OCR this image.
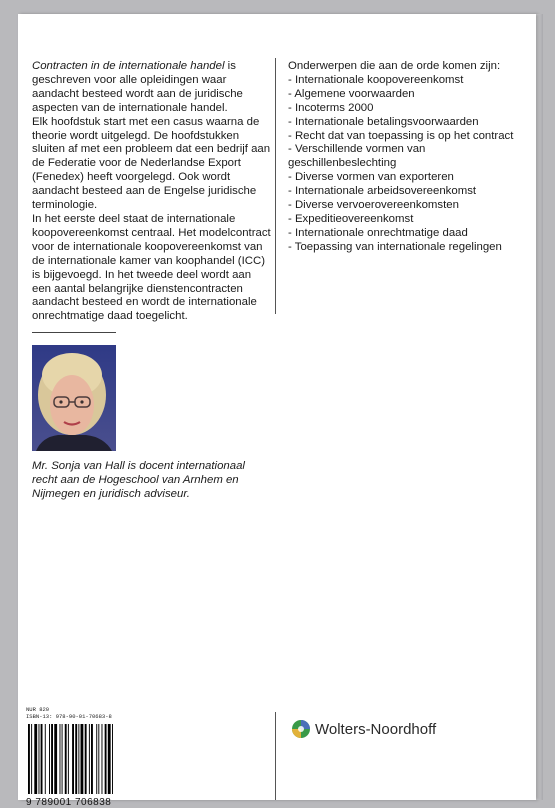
Contracten in de internationale handel is geschreven voor alle opleidingen waar aandacht besteed wordt aan de juridische aspecten van de internationale handel.

Elk hoofdstuk start met een casus waarna de theorie wordt uitgelegd. De hoofdstukken sluiten af met een probleem dat een bedrijf aan de Federatie voor de Nederlandse Export (Fenedex) heeft voorgelegd. Ook wordt aandacht besteed aan de Engelse juridische terminologie.

In het eerste deel staat de internationale koopovereenkomst centraal. Het modelcontract voor de internationale koopovereenkomst van de internationale kamer van koophandel (ICC) is bijgevoegd. In het tweede deel wordt aan een aantal belangrijke dienstencontracten aandacht besteed en wordt de internationale onrechtmatige daad toegelicht.

Onderwerpen die aan de orde komen zijn:
- Internationale koopovereenkomst
- Algemene voorwaarden
- Incoterms 2000
- Internationale betalingsvoorwaarden
- Recht dat van toepassing is op het contract
- Verschillende vormen van geschillenbeslechting
- Diverse vormen van exporteren
- Internationale arbeidsovereenkomst
- Diverse vervoerovereenkomsten
- Expeditieovereenkomst
- Internationale onrechtmatige daad
- Toepassing van internationale regelingen
Mr. Sonja van Hall is docent internationaal recht aan de Hogeschool van Arnhem en Nijmegen en juridisch adviseur.
NUR 820
ISBN-13: 978-90-01-70683-8
9 789001 706838
Wolters-Noordhoff
